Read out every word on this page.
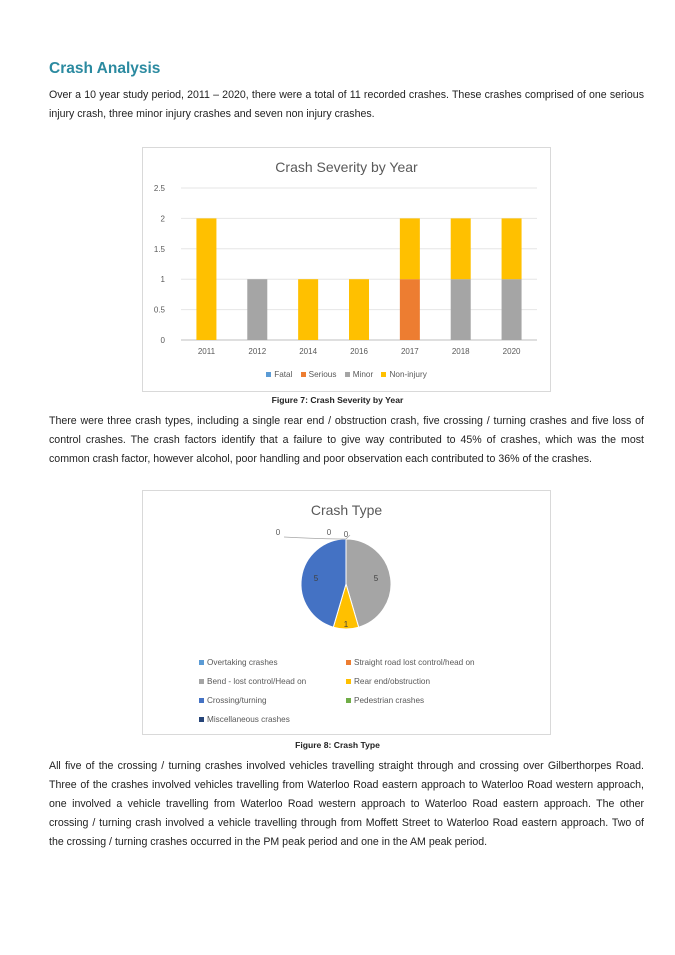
Crash Analysis
Over a 10 year study period, 2011 – 2020, there were a total of 11 recorded crashes. These crashes comprised of one serious injury crash, three minor injury crashes and seven non injury crashes.
Crash Severity by Year
0
0.5
1
1.5
2
2.5
2011	2012	2014	2016	2017	2018	2020
Fatal Serious Minor Non-injury
Figure 7: Crash Severity by Year
There were three crash types, including a single rear end / obstruction crash, five crossing / turning crashes and five loss of control crashes. The crash factors identify that a failure to give way contributed to 45% of crashes, which was the most common crash factor, however alcohol, poor handling and poor observation each contributed to 36% of the crashes.
Crash Type
0	0 0
5
1
5
Overtaking crashes	Straight road lost control/head on
Bend - lost control/Head on	Rear end/obstruction
Crossing/turning	Pedestrian crashes
Miscellaneous crashes
Figure 8: Crash Type
All five of the crossing / turning crashes involved vehicles travelling straight through and crossing over Gilberthorpes Road. Three of the crashes involved vehicles travelling from Waterloo Road eastern approach to Waterloo Road western approach, one involved a vehicle travelling from Waterloo Road western approach to Waterloo Road eastern approach. The other crossing / turning crash involved a vehicle travelling through from Moffett Street to Waterloo Road eastern approach. Two of the crossing / turning crashes occurred in the PM peak period and one in the AM peak period.
